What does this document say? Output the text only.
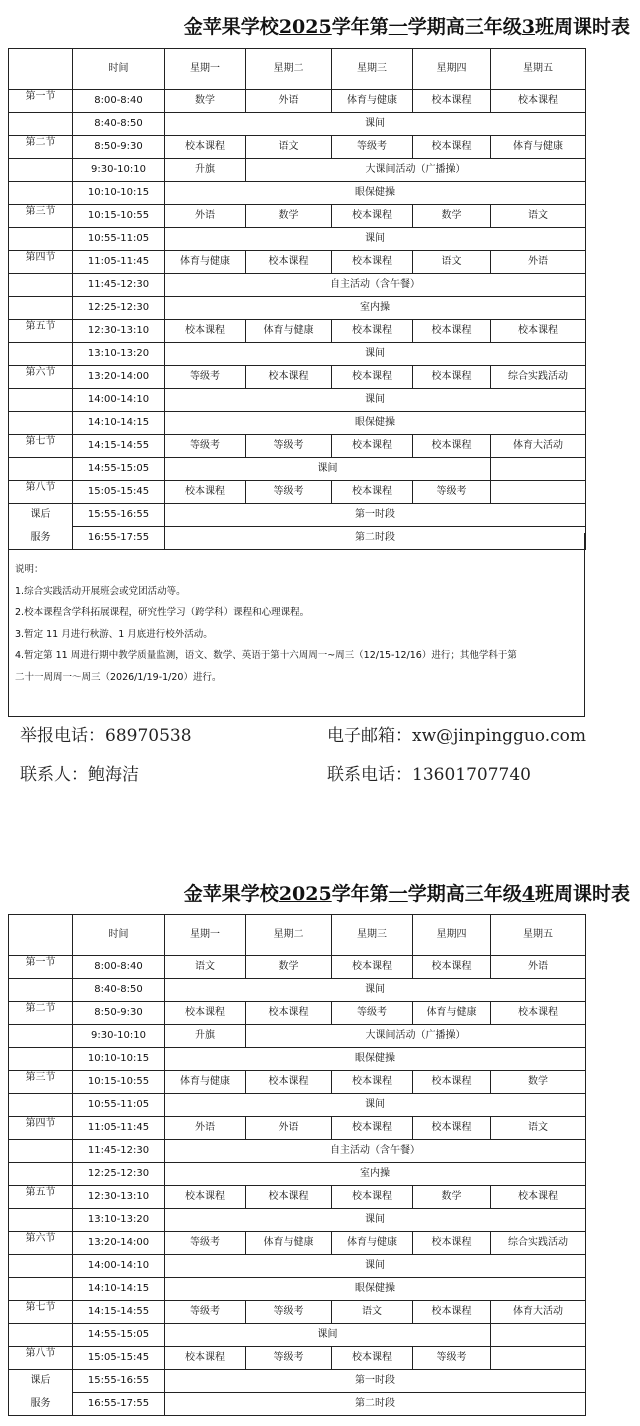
金苹果学校2025学年第一学期高三年级3班周课时表
	时间	星期一	星期二	星期三	星期四	星期五
第一节	8:00-8:40	数学	外语	体育与健康	校本课程	校本课程
	8:40-8:50	课间				
第二节	8:50-9:30	校本课程	语文	等级考	校本课程	体育与健康
	9:30-10:10	升旗	大课间活动（广播操）			
	10:10-10:15	眼保健操				
第三节	10:15-10:55	外语	数学	校本课程	数学	语文
	10:55-11:05	课间				
第四节	11:05-11:45	体育与健康	校本课程	校本课程	语文	外语
	11:45-12:30	自主活动（含午餐）				
	12:25-12:30	室内操				
第五节	12:30-13:10	校本课程	体育与健康	校本课程	校本课程	校本课程
	13:10-13:20	课间				
第六节	13:20-14:00	等级考	校本课程	校本课程	校本课程	综合实践活动
	14:00-14:10	课间				
	14:10-14:15	眼保健操				
第七节	14:15-14:55	等级考	等级考	校本课程	校本课程	体育大活动
	14:55-15:05	课间				
第八节	15:05-15:45	校本课程	等级考	校本课程	等级考	
课后	15:55-16:55	第一时段				
服务	16:55-17:55	第二时段				
说明：
1.综合实践活动开展班会或党团活动等。
2.校本课程含学科拓展课程，研究性学习（跨学科）课程和心理课程。
3.暂定 11 月进行秋游、1 月底进行校外活动。
4.暂定第 11 周进行期中教学质量监测，语文、数学、英语于第十六周周一~周三（12/15-12/16）进行；其他学科于第
二十一周周一～周三（2026/1/19-1/20）进行。
举报电话：68970538	电子邮箱：xw@jinpingguo.com
联系人：鲍海洁	联系电话：13601707740
金苹果学校2025学年第一学期高三年级4班周课时表
	时间	星期一	星期二	星期三	星期四	星期五
第一节	8:00-8:40	语文	数学	校本课程	校本课程	外语
	8:40-8:50	课间				
第二节	8:50-9:30	校本课程	校本课程	等级考	体育与健康	校本课程
	9:30-10:10	升旗	大课间活动（广播操）			
	10:10-10:15	眼保健操				
第三节	10:15-10:55	体育与健康	校本课程	校本课程	校本课程	数学
	10:55-11:05	课间				
第四节	11:05-11:45	外语	外语	校本课程	校本课程	语文
	11:45-12:30	自主活动（含午餐）				
	12:25-12:30	室内操				
第五节	12:30-13:10	校本课程	校本课程	校本课程	数学	校本课程
	13:10-13:20	课间				
第六节	13:20-14:00	等级考	体育与健康	体育与健康	校本课程	综合实践活动
	14:00-14:10	课间				
	14:10-14:15	眼保健操				
第七节	14:15-14:55	等级考	等级考	语文	校本课程	体育大活动
	14:55-15:05	课间				
第八节	15:05-15:45	校本课程	等级考	校本课程	等级考	
课后	15:55-16:55	第一时段				
服务	16:55-17:55	第二时段				
